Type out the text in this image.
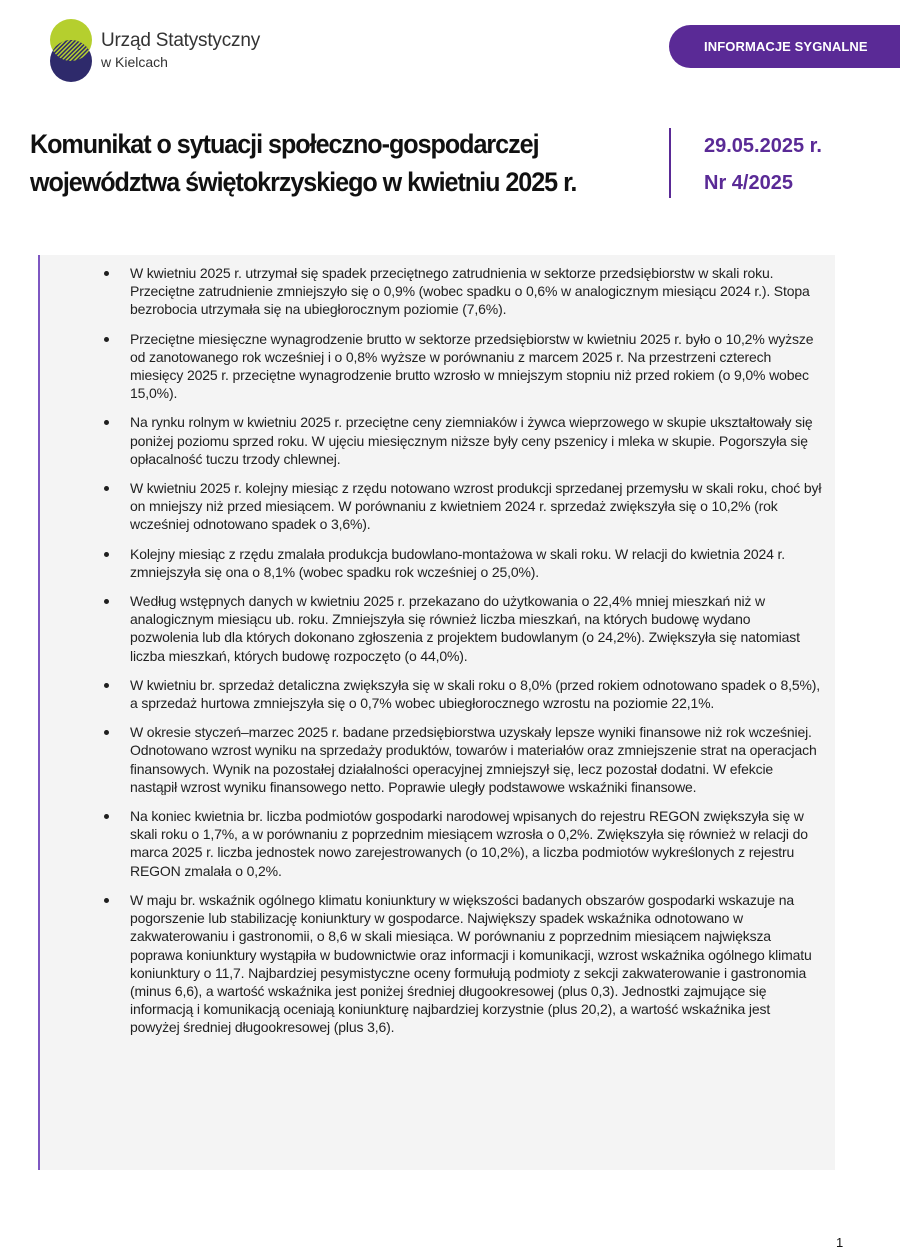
Urząd Statystyczny
w Kielcach
INFORMACJE SYGNALNE
Komunikat o sytuacji społeczno-gospodarczej
województwa świętokrzyskiego w kwietniu 2025 r.
29.05.2025 r.
Nr 4/2025
W kwietniu 2025 r. utrzymał się spadek przeciętnego zatrudnienia w sektorze przedsiębiorstw w skali roku. Przeciętne zatrudnienie zmniejszyło się o 0,9% (wobec spadku o 0,6% w analogicznym miesiącu 2024 r.). Stopa bezrobocia utrzymała się na ubiegłorocznym poziomie (7,6%).
Przeciętne miesięczne wynagrodzenie brutto w sektorze przedsiębiorstw w kwietniu 2025 r. było o 10,2% wyższe od zanotowanego rok wcześniej i o 0,8% wyższe w porównaniu z marcem 2025 r. Na przestrzeni czterech miesięcy 2025 r. przeciętne wynagrodzenie brutto wzrosło w mniejszym stopniu niż przed rokiem (o 9,0% wobec 15,0%).
Na rynku rolnym w kwietniu 2025 r. przeciętne ceny ziemniaków i żywca wieprzowego w skupie ukształtowały się poniżej poziomu sprzed roku. W ujęciu miesięcznym niższe były ceny pszenicy i mleka w skupie. Pogorszyła się opłacalność tuczu trzody chlewnej.
W kwietniu 2025 r. kolejny miesiąc z rzędu notowano wzrost produkcji sprzedanej przemysłu w skali roku, choć był on mniejszy niż przed miesiącem. W porównaniu z kwietniem 2024 r. sprzedaż zwiększyła się o 10,2% (rok wcześniej odnotowano spadek o 3,6%).
Kolejny miesiąc z rzędu zmalała produkcja budowlano-montażowa w skali roku. W relacji do kwietnia 2024 r. zmniejszyła się ona o 8,1% (wobec spadku rok wcześniej o 25,0%).
Według wstępnych danych w kwietniu 2025 r. przekazano do użytkowania o 22,4% mniej mieszkań niż w analogicznym miesiącu ub. roku. Zmniejszyła się również liczba mieszkań, na których budowę wydano pozwolenia lub dla których dokonano zgłoszenia z projektem budowlanym (o 24,2%). Zwiększyła się natomiast liczba mieszkań, których budowę rozpoczęto (o 44,0%).
W kwietniu br. sprzedaż detaliczna zwiększyła się w skali roku o 8,0% (przed rokiem odnotowano spadek o 8,5%), a sprzedaż hurtowa zmniejszyła się o 0,7% wobec ubiegłorocznego wzrostu na poziomie 22,1%.
W okresie styczeń–marzec 2025 r. badane przedsiębiorstwa uzyskały lepsze wyniki finansowe niż rok wcześniej. Odnotowano wzrost wyniku na sprzedaży produktów, towarów i materiałów oraz zmniejszenie strat na operacjach finansowych. Wynik na pozostałej działalności operacyjnej zmniejszył się, lecz pozostał dodatni. W efekcie nastąpił wzrost wyniku finansowego netto. Poprawie uległy podstawowe wskaźniki finansowe.
Na koniec kwietnia br. liczba podmiotów gospodarki narodowej wpisanych do rejestru REGON zwiększyła się w skali roku o 1,7%, a w porównaniu z poprzednim miesiącem wzrosła o 0,2%. Zwiększyła się również w relacji do marca 2025 r. liczba jednostek nowo zarejestrowanych (o 10,2%), a liczba podmiotów wykreślonych z rejestru REGON zmalała o 0,2%.
W maju br. wskaźnik ogólnego klimatu koniunktury w większości badanych obszarów gospodarki wskazuje na pogorszenie lub stabilizację koniunktury w gospodarce. Największy spadek wskaźnika odnotowano w zakwaterowaniu i gastronomii, o 8,6 w skali miesiąca. W porównaniu z poprzednim miesiącem największa poprawa koniunktury wystąpiła w budownictwie oraz informacji i komunikacji, wzrost wskaźnika ogólnego klimatu koniunktury o 11,7. Najbardziej pesymistyczne oceny formułują podmioty z sekcji zakwaterowanie i gastronomia (minus 6,6), a wartość wskaźnika jest poniżej średniej długookresowej (plus 0,3). Jednostki zajmujące się informacją i komunikacją oceniają koniunkturę najbardziej korzystnie (plus 20,2), a wartość wskaźnika jest powyżej średniej długookresowej (plus 3,6).
1
